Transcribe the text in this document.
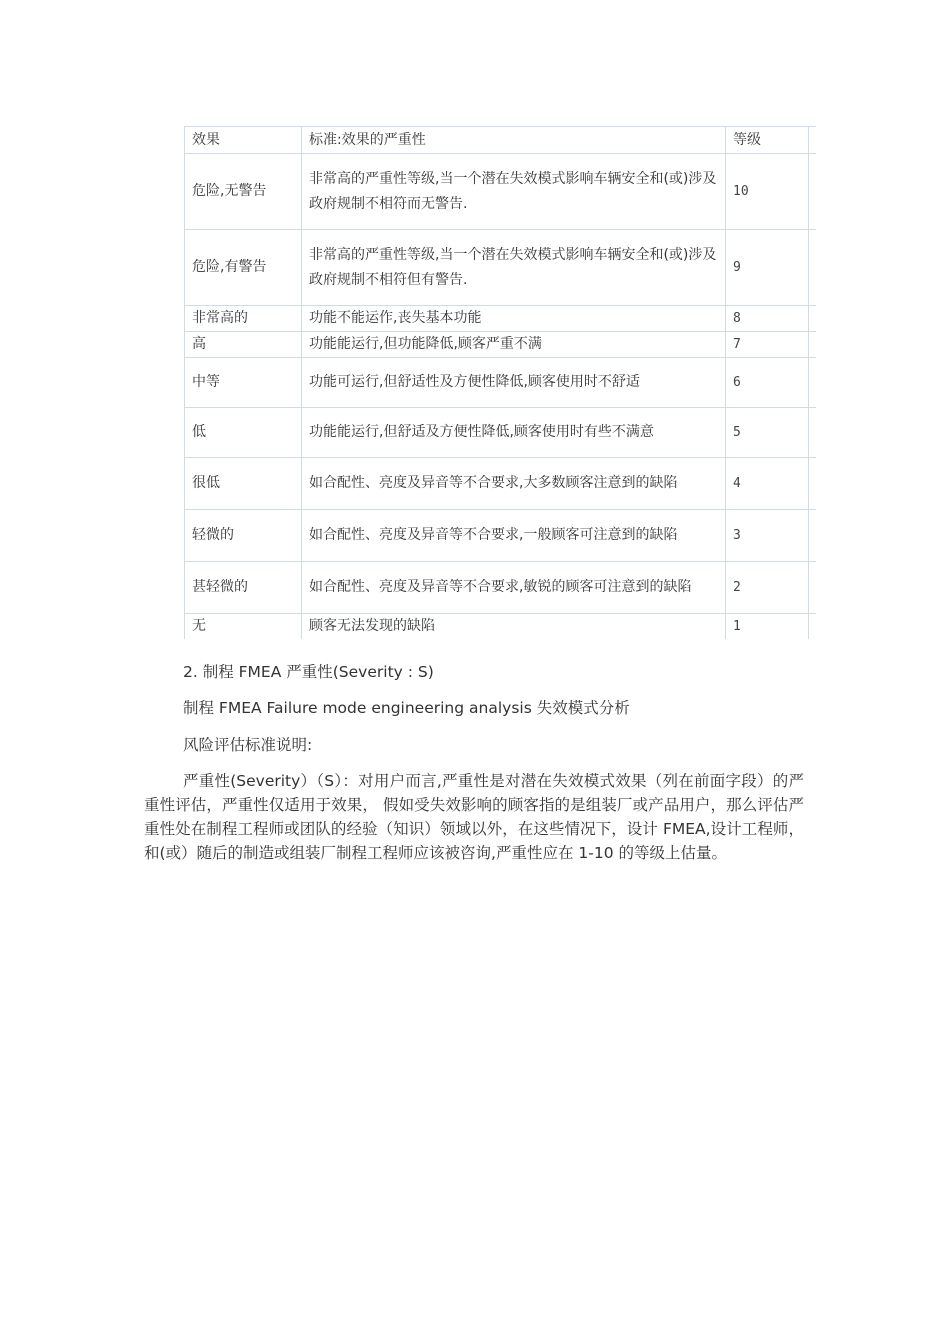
效果	标准:效果的严重性	等级	
危险,无警告	非常高的严重性等级,当一个潜在失效模式影响车辆安全和(或)涉及政府规制不相符而无警告.	10	
危险,有警告	非常高的严重性等级,当一个潜在失效模式影响车辆安全和(或)涉及政府规制不相符但有警告.	9	
非常高的	功能不能运作,丧失基本功能	8	
高	功能能运行,但功能降低,顾客严重不满	7	
中等	功能可运行,但舒适性及方便性降低,顾客使用时不舒适	6	
低	功能能运行,但舒适及方便性降低,顾客使用时有些不满意	5	
很低	如合配性、亮度及异音等不合要求,大多数顾客注意到的缺陷	4	
轻微的	如合配性、亮度及异音等不合要求,一般顾客可注意到的缺陷	3	
甚轻微的	如合配性、亮度及异音等不合要求,敏锐的顾客可注意到的缺陷	2	
无	顾客无法发现的缺陷	1	
2. 制程 FMEA 严重性(Severity : S)
制程 FMEA Failure mode engineering analysis 失效模式分析
风险评估标准说明:
严重性(Severity）（S）：对用户而言,严重性是对潜在失效模式效果（列在前面字段）的严重性评估，严重性仅适用于效果， 假如受失效影响的顾客指的是组装厂或产品用户，那么评估严重性处在制程工程师或团队的经验（知识）领域以外，在这些情况下，设计 FMEA,设计工程师，和(或）随后的制造或组装厂制程工程师应该被咨询,严重性应在 1-10 的等级上估量。
